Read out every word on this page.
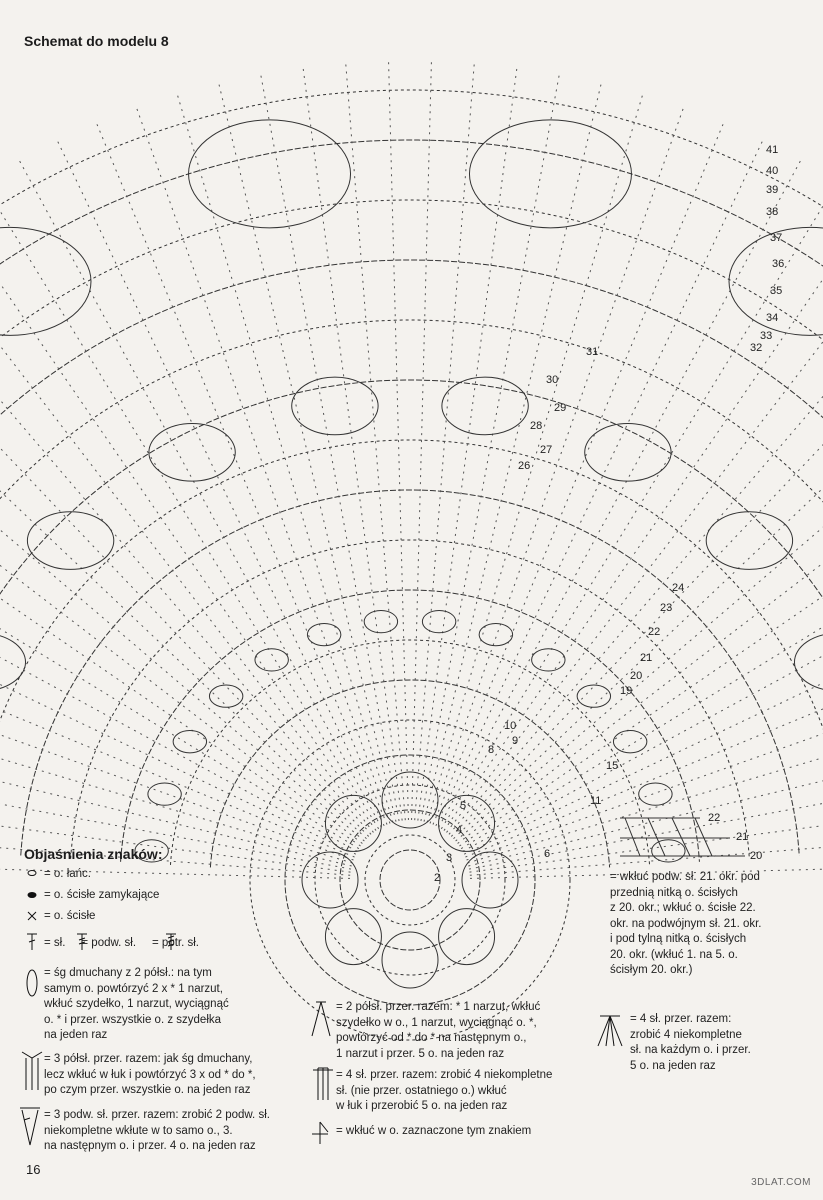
Schemat do modelu 8
41
40
39
38
37
36
35
34
33
32
31
30
29
28
27
26
24
23
22
21
20
19
15
11
10
9
8
6
5
4
3
2
Objaśnienia znaków:
= o. łańc.
= o. ścisłe zamykające
= o. ścisłe
= sł.     = podw. sł.     = potr. sł.
= śg dmuchany z 2 półsł.: na tym
samym o. powtórzyć 2 x * 1 narzut,
wkłuć szydełko, 1 narzut, wyciągnąć
o. * i przer. wszystkie o. z szydełka
na jeden raz
= 3 półsł. przer. razem: jak śg dmuchany,
lecz wkłuć w łuk i powtórzyć 3 x od * do *,
po czym przer. wszystkie o. na jeden raz
= 3 podw. sł. przer. razem: zrobić 2 podw. sł.
niekompletne wkłute w to samo o., 3.
na następnym o. i przer. 4 o. na jeden raz
= 2 półsł. przer. razem: * 1 narzut, wkłuć
szydełko w o., 1 narzut, wyciągnąć o. *,
powtórzyć od * do * na następnym o.,
1 narzut i przer. 5 o. na jeden raz
= 4 sł. przer. razem: zrobić 4 niekompletne
sł. (nie przer. ostatniego o.) wkłuć
w łuk i przerobić 5 o. na jeden raz
= wkłuć w o. zaznaczone tym znakiem
= 4 sł. przer. razem:
zrobić 4 niekompletne
sł. na każdym o. i przer.
5 o. na jeden raz
= wkłuć podw. sł. 21. okr. pod
przednią nitką o. ścisłych
z 20. okr.; wkłuć o. ścisłe 22.
okr. na podwójnym sł. 21. okr.
i pod tylną nitką o. ścisłych
20. okr. (wkłuć 1. na 5. o.
ścisłym 20. okr.)
22
21
20
16
3DLAT.COM
